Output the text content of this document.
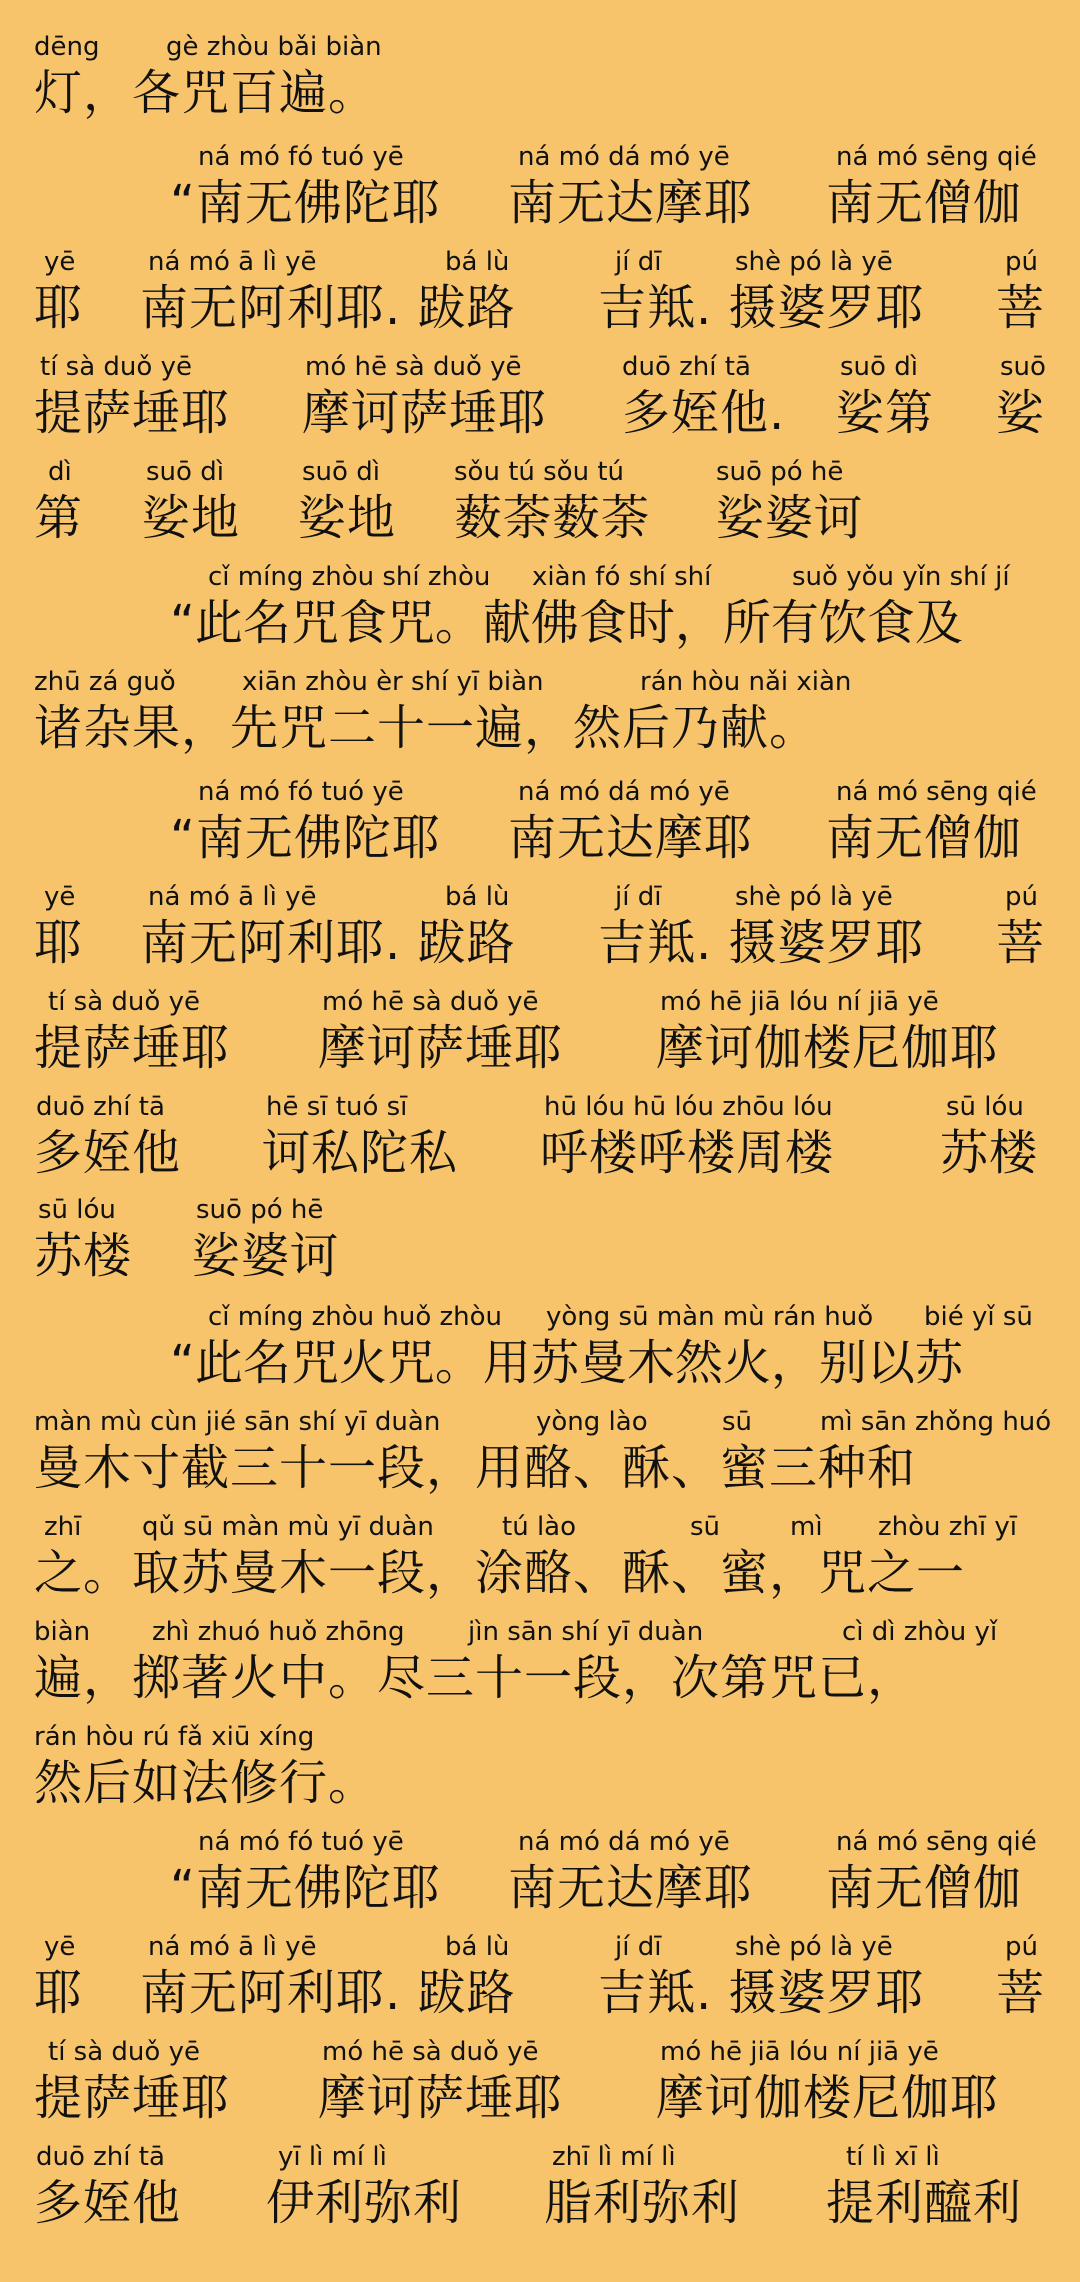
dēng	gè zhòu bǎi biàn
灯，各咒百遍。
ná mó fó tuó yē	ná mó dá mó yē	ná mó sēng qié
“南无佛陀耶 南无达摩耶 南无僧伽
yē	ná mó ā lì yē	bá lù	jí dī	shè pó là yē	pú
耶 南无阿利耶. 跋路 吉羝. 摄婆罗耶 菩
tí sà duǒ yē	mó hē sà duǒ yē	duō zhí tā	suō dì	suō
提萨埵耶 摩诃萨埵耶 多姪他. 娑第 娑
dì	suō dì	suō dì	sǒu tú sǒu tú	suō pó hē
第 娑地 娑地 薮荼薮荼 娑婆诃
cǐ míng zhòu shí zhòu xiàn fó shí shí	suǒ yǒu yǐn shí jí
“此名咒食咒。献佛食时，所有饮食及
zhū zá guǒ	xiān zhòu èr shí yī biàn	rán hòu nǎi xiàn
诸杂果，先咒二十一遍，然后乃献。
ná mó fó tuó yē	ná mó dá mó yē	ná mó sēng qié
“南无佛陀耶 南无达摩耶 南无僧伽
yē	ná mó ā lì yē	bá lù	jí dī	shè pó là yē	pú
耶 南无阿利耶. 跋路 吉羝. 摄婆罗耶 菩
tí sà duǒ yē	mó hē sà duǒ yē	mó hē jiā lóu ní jiā yē
提萨埵耶 摩诃萨埵耶 摩诃伽楼尼伽耶
duō zhí tā	hē sī tuó sī	hū lóu hū lóu zhōu lóu	sū lóu
多姪他 诃私陀私 呼楼呼楼周楼 苏楼
sū lóu	suō pó hē
苏楼 娑婆诃
cǐ míng zhòu huǒ zhòu yòng sū màn mù rán huǒ bié yǐ sū
“此名咒火咒。用苏曼木然火，别以苏
màn mù cùn jié sān shí yī duàn	yòng lào	sū	mì sān zhǒng huó
曼木寸截三十一段，用酪、酥、蜜三种和
zhī qǔ sū màn mù yī duàn	tú lào	sū	mì zhòu zhī yī
之。取苏曼木一段，涂酪、酥、蜜，咒之一
biàn zhì zhuó huǒ zhōng jìn sān shí yī duàn	cì dì zhòu yǐ
遍，掷著火中。尽三十一段，次第咒已，
rán hòu rú fǎ xiū xíng
然后如法修行。
ná mó fó tuó yē	ná mó dá mó yē	ná mó sēng qié
“南无佛陀耶 南无达摩耶 南无僧伽
yē	ná mó ā lì yē	bá lù	jí dī	shè pó là yē	pú
耶 南无阿利耶. 跋路 吉羝. 摄婆罗耶 菩
tí sà duǒ yē	mó hē sà duǒ yē	mó hē jiā lóu ní jiā yē
提萨埵耶 摩诃萨埵耶 摩诃伽楼尼伽耶
duō zhí tā	yī lì mí lì	zhī lì mí lì	tí lì xī lì
多姪他 伊利弥利 脂利弥利 提利醯利
